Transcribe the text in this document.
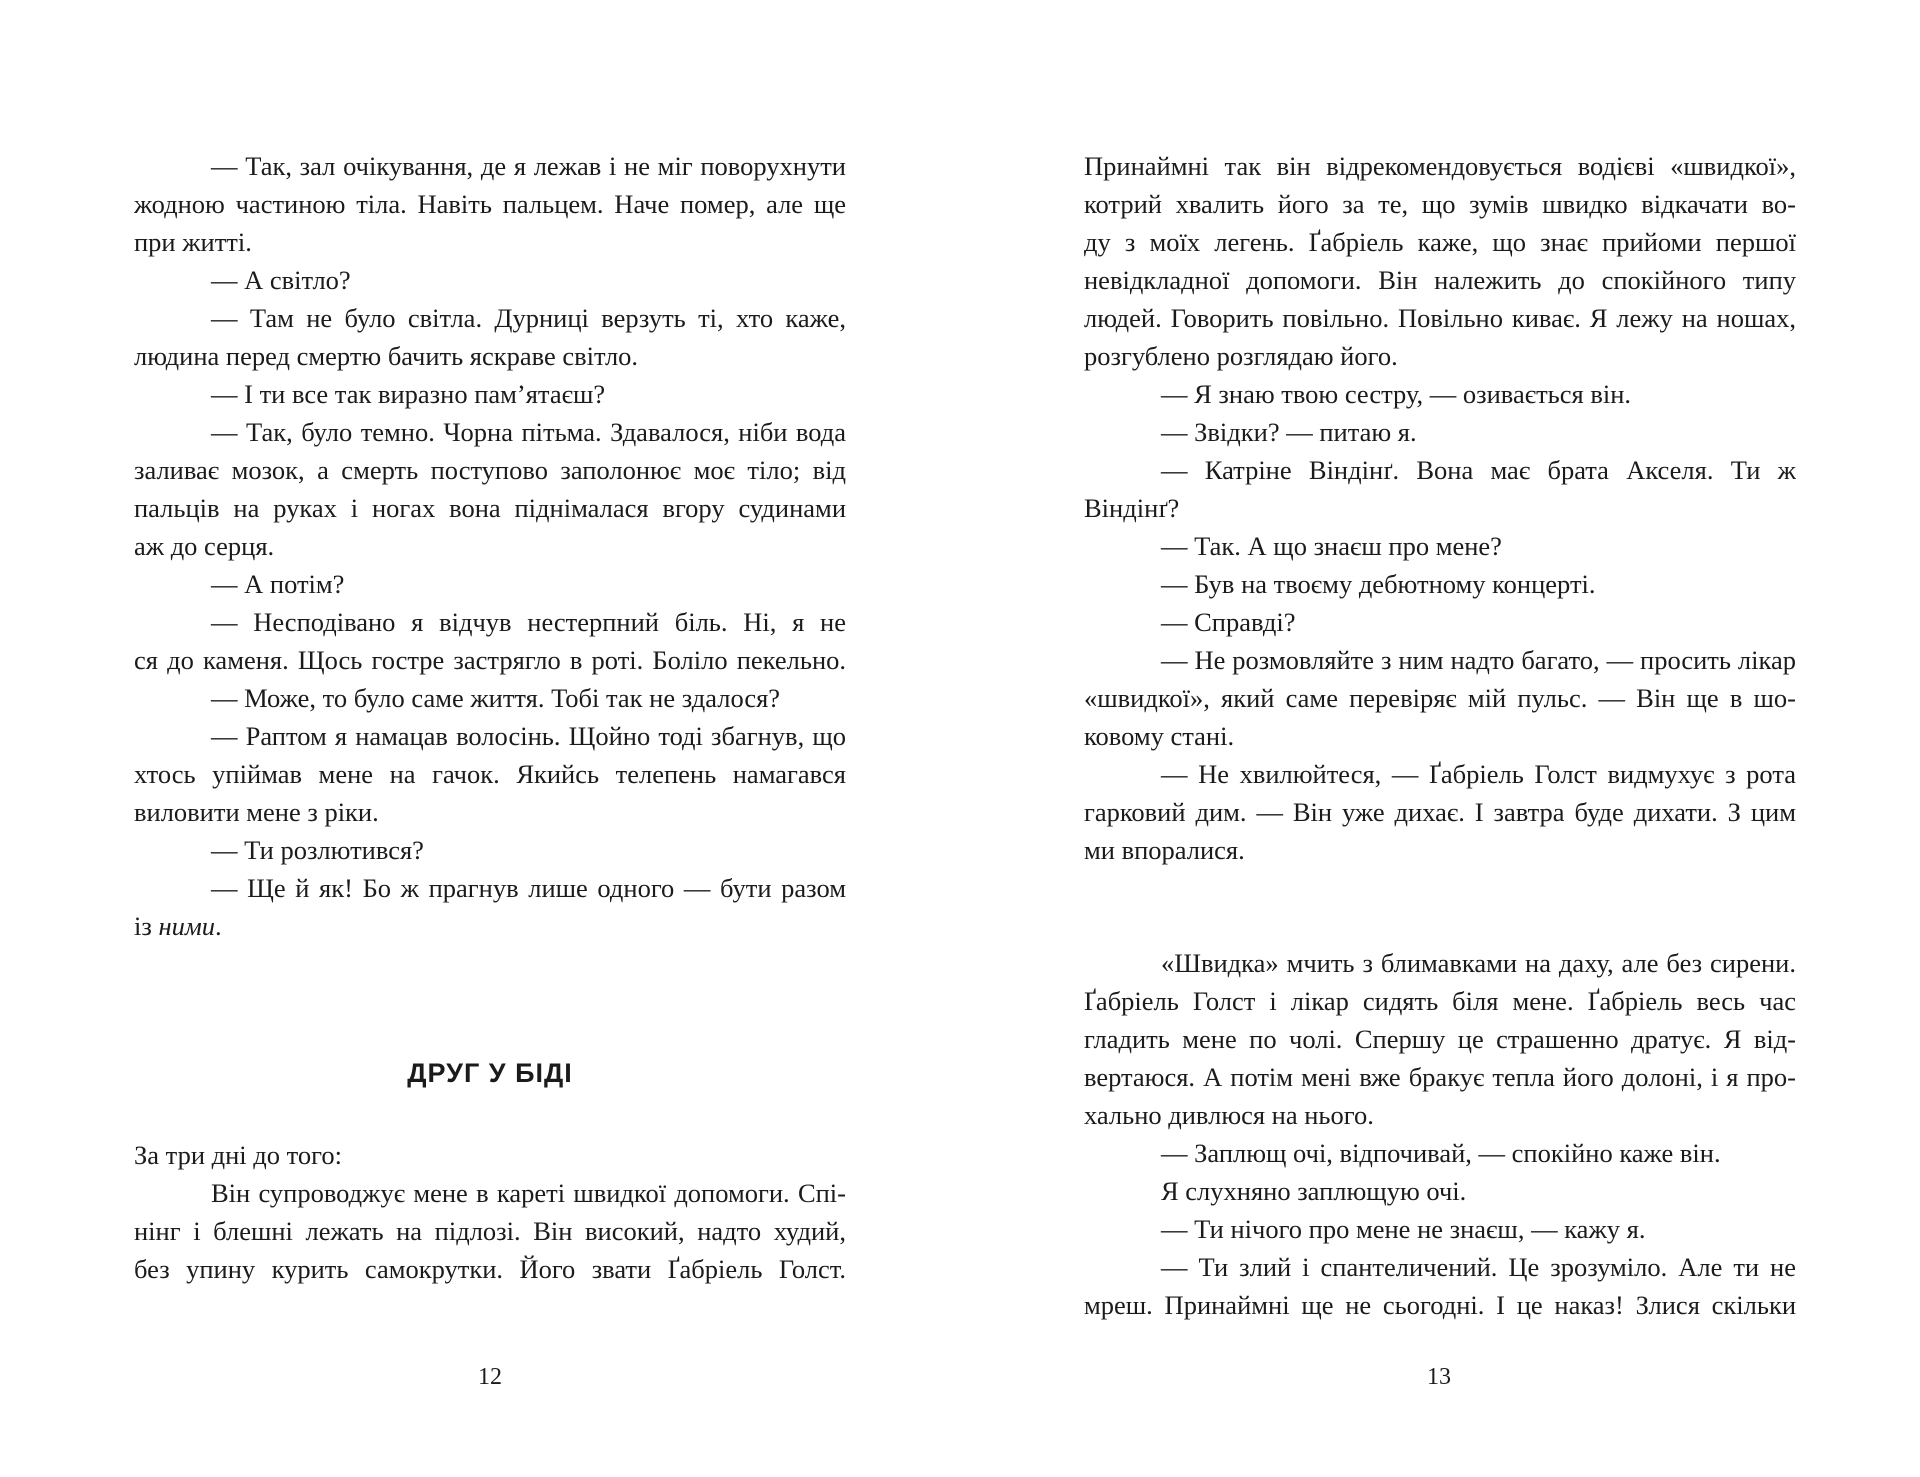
— Так, зал очікування, де я лежав і не міг поворухнути
жодною частиною тіла. Навіть пальцем. Наче помер, але ще
при житті.
— А світло?
— Там не було світла. Дурниці верзуть ті, хто каже,
людина перед смертю бачить яскраве світло.
— І ти все так виразно пам’ятаєш?
— Так, було темно. Чорна пітьма. Здавалося, ніби вода
заливає мозок, а смерть поступово заполонює моє тіло; від
пальців на руках і ногах вона піднімалася вгору судинами
аж до серця.
— А потім?
— Несподівано я відчув нестерпний біль. Ні, я не
ся до каменя. Щось гостре застрягло в роті. Боліло пекельно.
— Може, то було саме життя. Тобі так не здалося?
— Раптом я намацав волосінь. Щойно тоді збагнув, що
хтось упіймав мене на гачок. Якийсь телепень намагався
виловити мене з ріки.
— Ти розлютився?
— Ще й як! Бо ж прагнув лише одного — бути разом
із ними.
ДРУГ У БІДІ
За три дні до того:
Він супроводжує мене в кареті швидкої допомоги. Спі-
нінг і блешні лежать на підлозі. Він високий, надто худий,
без упину курить самокрутки. Його звати Ґабріель Голст.
12
Принаймні так він відрекомендовується водієві «швидкої»,
котрий хвалить його за те, що зумів швидко відкачати во-
ду з моїх легень. Ґабріель каже, що знає прийоми першої
невідкладної допомоги. Він належить до спокійного типу
людей. Говорить повільно. Повільно киває. Я лежу на ношах,
розгублено розглядаю його.
— Я знаю твою сестру, — озивається він.
— Звідки? — питаю я.
— Катріне Віндінґ. Вона має брата Акселя. Ти ж
Віндінґ?
— Так. А що знаєш про мене?
— Був на твоєму дебютному концерті.
— Справді?
— Не розмовляйте з ним надто багато, — просить лікар
«швидкої», який саме перевіряє мій пульс. — Він ще в шо-
ковому стані.
— Не хвилюйтеся, — Ґабріель Голст видмухує з рота
гарковий дим. — Він уже дихає. І завтра буде дихати. З цим
ми впоралися.
«Швидка» мчить з блимавками на даху, але без сирени.
Ґабріель Голст і лікар сидять біля мене. Ґабріель весь час
гладить мене по чолі. Спершу це страшенно дратує. Я від-
вертаюся. А потім мені вже бракує тепла його долоні, і я про-
хально дивлюся на нього.
— Заплющ очі, відпочивай, — спокійно каже він.
Я слухняно заплющую очі.
— Ти нічого про мене не знаєш, — кажу я.
— Ти злий і спантеличений. Це зрозуміло. Але ти не
мреш. Принаймні ще не сьогодні. І це наказ! Злися скільки
13
